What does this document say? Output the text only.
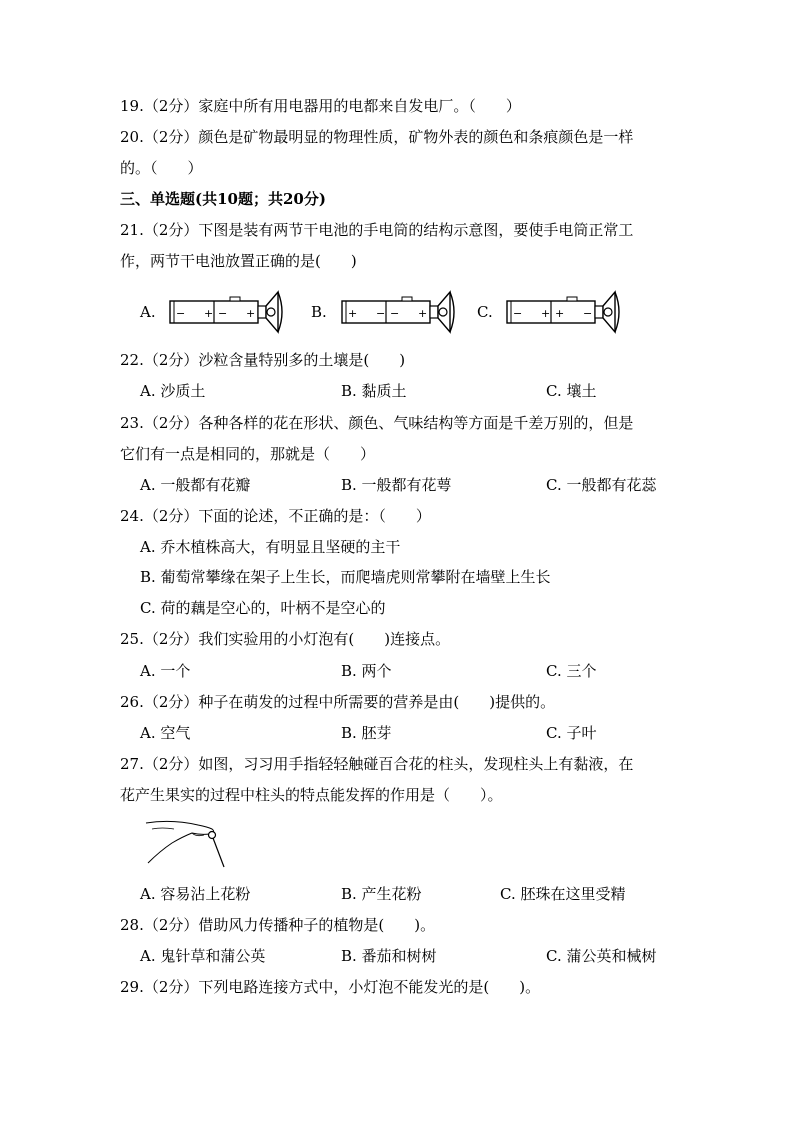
19.（2分）家庭中所有用电器用的电都来自发电厂。（　　）
20.（2分）颜色是矿物最明显的物理性质，矿物外表的颜色和条痕颜色是一样
的。（　　）
三、单选题(共10题；共20分)
21.（2分）下图是装有两节干电池的手电筒的结构示意图，要使手电筒正常工
作，两节干电池放置正确的是(　　)
A. − + − +	B. + − − +	C. − + + −
22.（2分）沙粒含量特别多的土壤是(　　)
A. 沙质土	B. 黏质土	C. 壤土
23.（2分）各种各样的花在形状、颜色、气味结构等方面是千差万别的，但是
它们有一点是相同的，那就是（　　）
A. 一般都有花瓣	B. 一般都有花萼	C. 一般都有花蕊
24.（2分）下面的论述，不正确的是：（　　）
A. 乔木植株高大，有明显且坚硬的主干
B. 葡萄常攀缘在架子上生长，而爬墙虎则常攀附在墙壁上生长
C. 荷的藕是空心的，叶柄不是空心的
25.（2分）我们实验用的小灯泡有(　　)连接点。
A. 一个	B. 两个	C. 三个
26.（2分）种子在萌发的过程中所需要的营养是由(　　)提供的。
A. 空气	B. 胚芽	C. 子叶
27.（2分）如图，习习用手指轻轻触碰百合花的柱头，发现柱头上有黏液，在
花产生果实的过程中柱头的特点能发挥的作用是（　　）。
A. 容易沾上花粉	B. 产生花粉	C. 胚珠在这里受精
28.（2分）借助风力传播种子的植物是(　　)。
A. 鬼针草和蒲公英	B. 番茄和树树	C. 蒲公英和械树
29.（2分）下列电路连接方式中，小灯泡不能发光的是(　　)。
